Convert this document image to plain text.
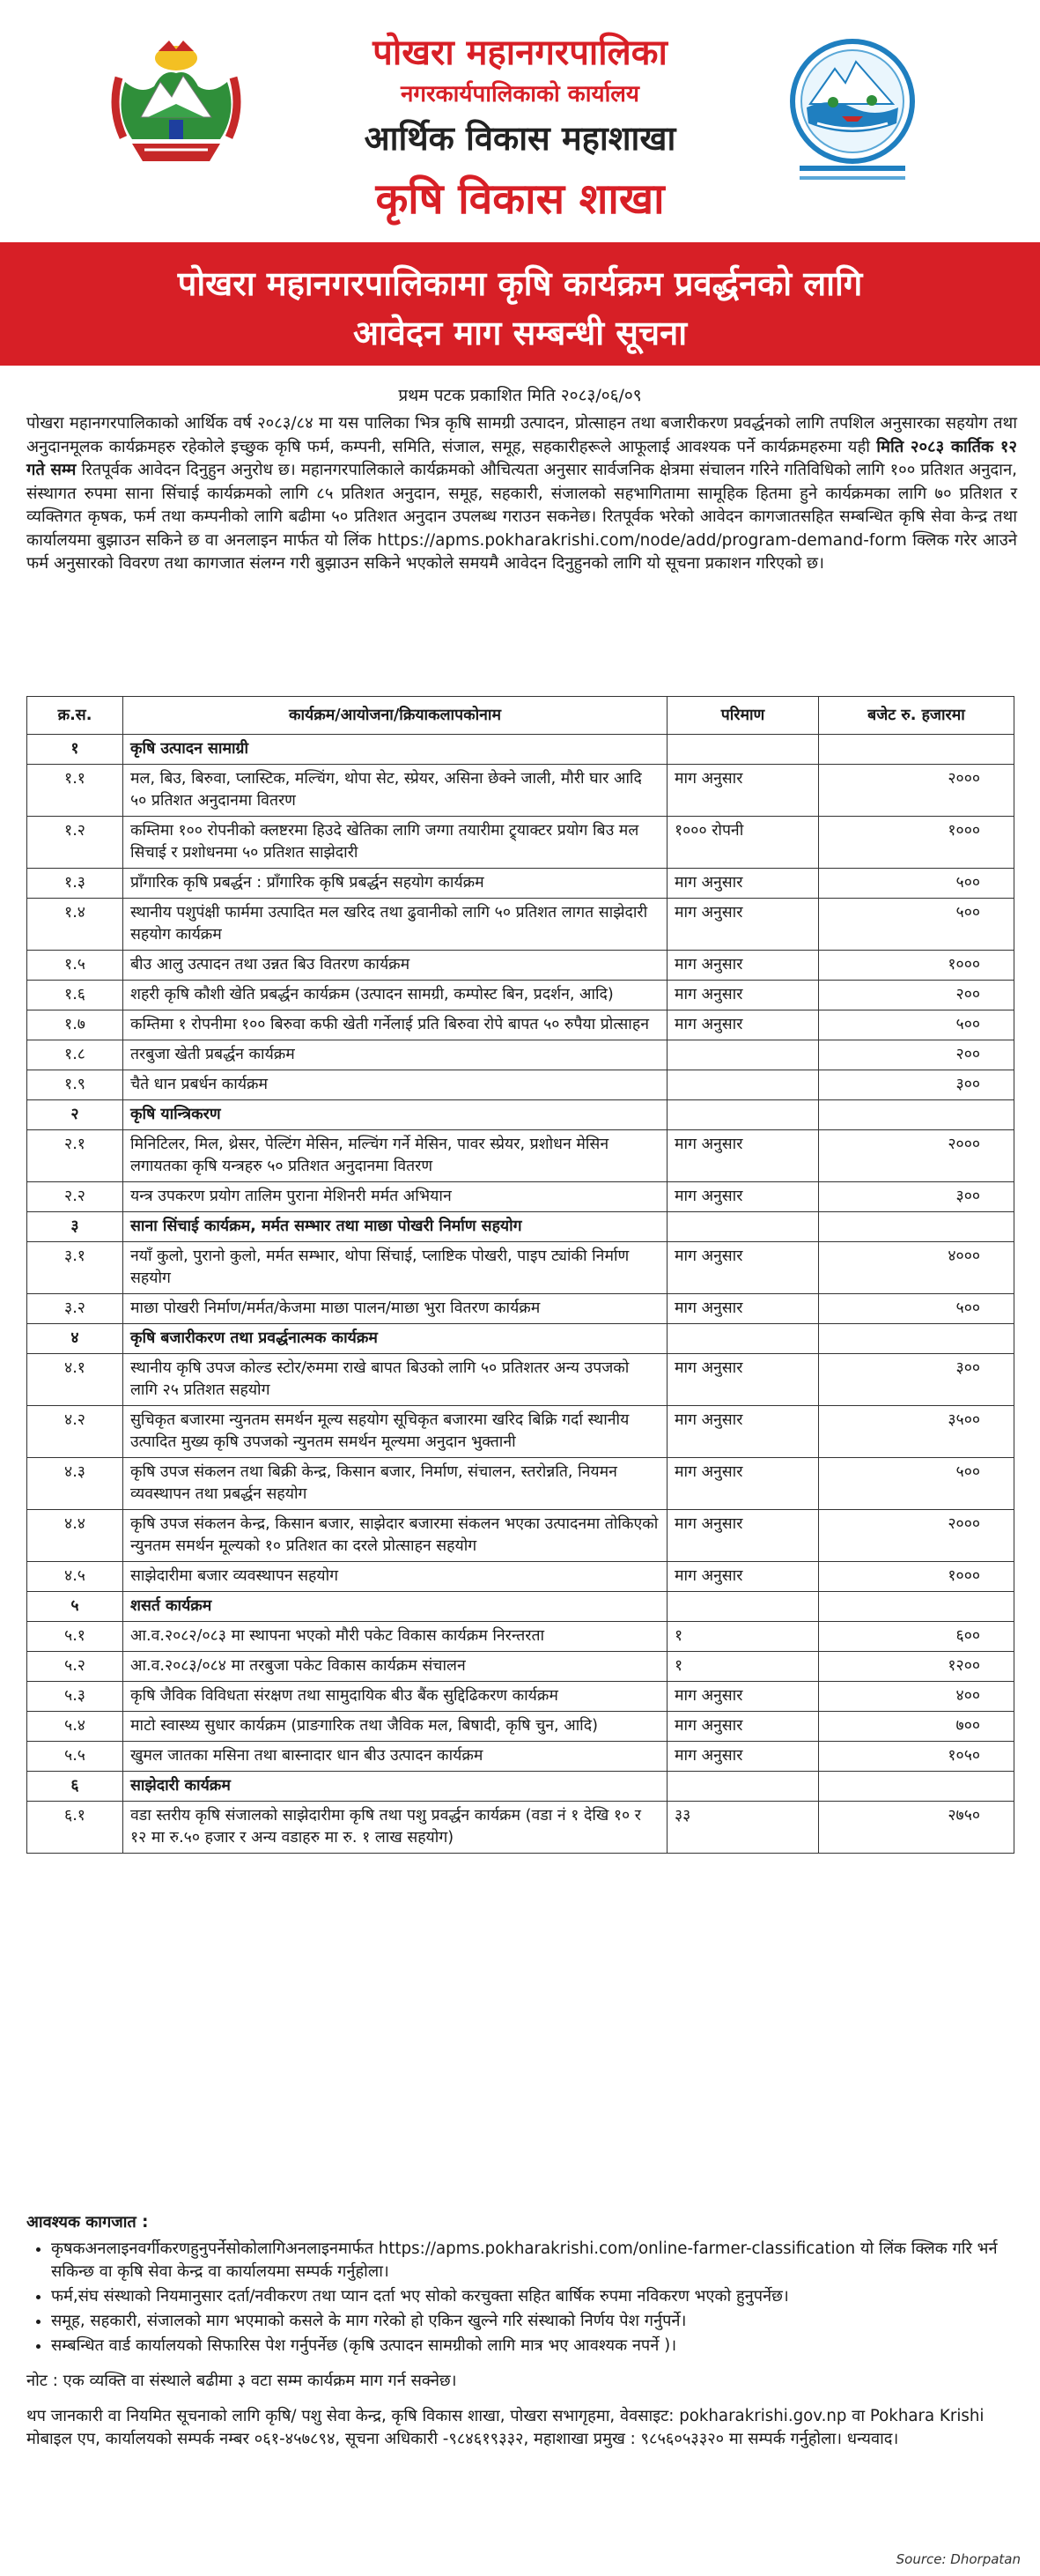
पोखरा महानगरपालिका
नगरकार्यपालिकाको कार्यालय
आर्थिक विकास महाशाखा
कृषि विकास शाखा
पोखरा महानगरपालिकामा कृषि कार्यक्रम प्रवर्द्धनको लागि
आवेदन माग सम्बन्धी सूचना
प्रथम पटक प्रकाशित मिति २०८३/०६/०९
पोखरा महानगरपालिकाको आर्थिक वर्ष २०८३/८४ मा यस पालिका भित्र कृषि सामग्री उत्पादन, प्रोत्साहन तथा बजारीकरण प्रवर्द्धनको लागि तपशिल अनुसारका सहयोग तथा अनुदानमूलक कार्यक्रमहरु रहेकोले इच्छुक कृषि फर्म, कम्पनी, समिति, संजाल, समूह, सहकारीहरूले आफूलाई आवश्यक पर्ने कार्यक्रमहरुमा यही मिति २०८३ कार्तिक १२ गते सम्म रितपूर्वक आवेदन दिनुहुन अनुरोध छ। महानगरपालिकाले कार्यक्रमको औचित्यता अनुसार सार्वजनिक क्षेत्रमा संचालन गरिने गतिविधिको लागि १०० प्रतिशत अनुदान, संस्थागत रुपमा साना सिंचाई कार्यक्रमको लागि ८५ प्रतिशत अनुदान, समूह, सहकारी, संजालको सहभागितामा सामूहिक हितमा हुने कार्यक्रमका लागि ७० प्रतिशत र व्यक्तिगत कृषक, फर्म तथा कम्पनीको लागि बढीमा ५० प्रतिशत अनुदान उपलब्ध गराउन सकनेछ। रितपूर्वक भरेको आवेदन कागजातसहित सम्बन्धित कृषि सेवा केन्द्र तथा कार्यालयमा बुझाउन सकिने छ वा अनलाइन मार्फत यो लिंक https://apms.pokharakrishi.com/node/add/program-demand-form क्लिक गरेर आउने फर्म अनुसारको विवरण तथा कागजात संलग्न गरी बुझाउन सकिने भएकोले समयमै आवेदन दिनुहुनको लागि यो सूचना प्रकाशन गरिएको छ।
क्र.स.	कार्यक्रम/आयोजना/क्रियाकलापकोनाम	परिमाण	बजेट रु. हजारमा
१	कृषि उत्पादन सामाग्री		
१.१	मल, बिउ, बिरुवा, प्लास्टिक, मल्चिंग, थोपा सेट, स्प्रेयर, असिना छेक्ने जाली, मौरी घार आदि ५० प्रतिशत अनुदानमा वितरण	माग अनुसार	२०००
१.२	कम्तिमा १०० रोपनीको क्लष्टरमा हिउदे खेतिका लागि जग्गा तयारीमा ट्र्याक्टर प्रयोग बिउ मल सिचाई र प्रशोधनमा ५० प्रतिशत साझेदारी	१००० रोपनी	१०००
१.३	प्राँगारिक कृषि प्रबर्द्धन : प्राँगारिक कृषि प्रबर्द्धन सहयोग कार्यक्रम	माग अनुसार	५००
१.४	स्थानीय पशुपंक्षी फार्ममा उत्पादित मल खरिद तथा ढुवानीको लागि ५० प्रतिशत लागत साझेदारी सहयोग कार्यक्रम	माग अनुसार	५००
१.५	बीउ आलु उत्पादन तथा उन्नत बिउ वितरण कार्यक्रम	माग अनुसार	१०००
१.६	शहरी कृषि कौशी खेति प्रबर्द्धन कार्यक्रम (उत्पादन सामग्री, कम्पोस्ट बिन, प्रदर्शन, आदि)	माग अनुसार	२००
१.७	कम्तिमा १ रोपनीमा १०० बिरुवा कफी खेती गर्नेलाई प्रति बिरुवा रोपे बापत ५० रुपैया प्रोत्साहन	माग अनुसार	५००
१.८	तरबुजा खेती प्रबर्द्धन कार्यक्रम		२००
१.९	चैते धान प्रबर्धन कार्यक्रम		३००
२	कृषि यान्त्रिकरण		
२.१	मिनिटिलर, मिल, थ्रेसर, पेल्टिंग मेसिन, मल्चिंग गर्ने मेसिन, पावर स्प्रेयर, प्रशोधन मेसिन लगायतका कृषि यन्त्रहरु ५० प्रतिशत अनुदानमा वितरण	माग अनुसार	२०००
२.२	यन्त्र उपकरण प्रयोग तालिम पुराना मेशिनरी मर्मत अभियान	माग अनुसार	३००
३	साना सिंचाई कार्यक्रम, मर्मत सम्भार तथा माछा पोखरी निर्माण सहयोग		
३.१	नयाँ कुलो, पुरानो कुलो, मर्मत सम्भार, थोपा सिंचाई, प्लाष्टिक पोखरी, पाइप ट्यांकी निर्माण सहयोग	माग अनुसार	४०००
३.२	माछा पोखरी निर्माण/मर्मत/केजमा माछा पालन/माछा भुरा वितरण कार्यक्रम	माग अनुसार	५००
४	कृषि बजारीकरण तथा प्रवर्द्धनात्मक कार्यक्रम		
४.१	स्थानीय कृषि उपज कोल्ड स्टोर/रुममा राखे बापत बिउको लागि ५० प्रतिशतर अन्य उपजको लागि २५ प्रतिशत सहयोग	माग अनुसार	३००
४.२	सुचिकृत बजारमा न्युनतम समर्थन मूल्य सहयोग सूचिकृत बजारमा खरिद बिक्रि गर्दा स्थानीय उत्पादित मुख्य कृषि उपजको न्युनतम समर्थन मूल्यमा अनुदान भुक्तानी	माग अनुसार	३५००
४.३	कृषि उपज संकलन तथा बिक्री केन्द्र, किसान बजार, निर्माण, संचालन, स्तरोन्नति, नियमन व्यवस्थापन तथा प्रबर्द्धन सहयोग	माग अनुसार	५००
४.४	कृषि उपज संकलन केन्द्र, किसान बजार, साझेदार बजारमा संकलन भएका उत्पादनमा तोकिएको न्युनतम समर्थन मूल्यको १० प्रतिशत का दरले प्रोत्साहन सहयोग	माग अनुसार	२०००
४.५	साझेदारीमा बजार व्यवस्थापन सहयोग	माग अनुसार	१०००
५	शसर्त कार्यक्रम		
५.१	आ.व.२०८२/०८३ मा स्थापना भएको मौरी पकेट विकास कार्यक्रम निरन्तरता	१	६००
५.२	आ.व.२०८३/०८४ मा तरबुजा पकेट विकास कार्यक्रम संचालन	१	१२००
५.३	कृषि जैविक विविधता संरक्षण तथा सामुदायिक बीउ बैंक सुद्दिढिकरण कार्यक्रम	माग अनुसार	४००
५.४	माटो स्वास्थ्य सुधार कार्यक्रम (प्राङगारिक तथा जैविक मल, बिषादी, कृषि चुन, आदि)	माग अनुसार	७००
५.५	खुमल जातका मसिना तथा बास्नादार धान बीउ उत्पादन कार्यक्रम	माग अनुसार	१०५०
६	साझेदारी कार्यक्रम		
६.१	वडा स्तरीय कृषि संजालको साझेदारीमा कृषि तथा पशु प्रवर्द्धन कार्यक्रम (वडा नं १ देखि १० र १२ मा रु.५० हजार र अन्य वडाहरु मा रु. १ लाख सहयोग)	३३	२७५०
आवश्यक कागजात :
• कृषकअनलाइनवर्गीकरणहुनुपर्नेसोकोलागिअनलाइनमार्फत https://apms.pokharakrishi.com/online-farmer-classification यो लिंक क्लिक गरि भर्न सकिन्छ वा कृषि सेवा केन्द्र वा कार्यालयमा सम्पर्क गर्नुहोला।
• फर्म,संघ संस्थाको नियमानुसार दर्ता/नवीकरण तथा प्यान दर्ता भए सोको करचुक्ता सहित बार्षिक रुपमा नविकरण भएको हुनुपर्नेछ।
• समूह, सहकारी, संजालको माग भएमाको कसले के माग गरेको हो एकिन खुल्ने गरि संस्थाको निर्णय पेश गर्नुपर्ने।
• सम्बन्धित वार्ड कार्यालयको सिफारिस पेश गर्नुपर्नेछ (कृषि उत्पादन सामग्रीको लागि मात्र भए आवश्यक नपर्ने )।
नोट : एक व्यक्ति वा संस्थाले बढीमा ३ वटा सम्म कार्यक्रम माग गर्न सक्नेछ।
थप जानकारी वा नियमित सूचनाको लागि कृषि/ पशु सेवा केन्द्र, कृषि विकास शाखा, पोखरा सभागृहमा, वेवसाइट: pokharakrishi.gov.np वा Pokhara Krishi मोबाइल एप, कार्यालयको सम्पर्क नम्बर ०६१-४५७८९४, सूचना अधिकारी -९८४६१९३३२, महाशाखा प्रमुख : ९८५६०५३३२० मा सम्पर्क गर्नुहोला। धन्यवाद।
Source: Dhorpatan
